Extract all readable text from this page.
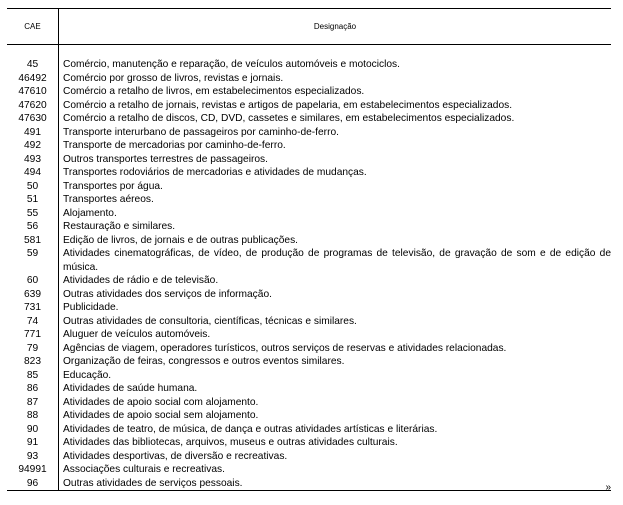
CAE	Designação
45	Comércio, manutenção e reparação, de veículos automóveis e motociclos.
46492	Comércio por grosso de livros, revistas e jornais.
47610	Comércio a retalho de livros, em estabelecimentos especializados.
47620	Comércio a retalho de jornais, revistas e artigos de papelaria, em estabelecimentos especializados.
47630	Comércio a retalho de discos, CD, DVD, cassetes e similares, em estabelecimentos especializados.
491	Transporte interurbano de passageiros por caminho-de-ferro.
492	Transporte de mercadorias por caminho-de-ferro.
493	Outros transportes terrestres de passageiros.
494	Transportes rodoviários de mercadorias e atividades de mudanças.
50	Transportes por água.
51	Transportes aéreos.
55	Alojamento.
56	Restauração e similares.
581	Edição de livros, de jornais e de outras publicações.
59	Atividades cinematográficas, de vídeo, de produção de programas de televisão, de gravação de som e de edição de música.
60	Atividades de rádio e de televisão.
639	Outras atividades dos serviços de informação.
731	Publicidade.
74	Outras atividades de consultoria, científicas, técnicas e similares.
771	Aluguer de veículos automóveis.
79	Agências de viagem, operadores turísticos, outros serviços de reservas e atividades relacionadas.
823	Organização de feiras, congressos e outros eventos similares.
85	Educação.
86	Atividades de saúde humana.
87	Atividades de apoio social com alojamento.
88	Atividades de apoio social sem alojamento.
90	Atividades de teatro, de música, de dança e outras atividades artísticas e literárias.
91	Atividades das bibliotecas, arquivos, museus e outras atividades culturais.
93	Atividades desportivas, de diversão e recreativas.
94991	Associações culturais e recreativas.
96	Outras atividades de serviços pessoais.	»
